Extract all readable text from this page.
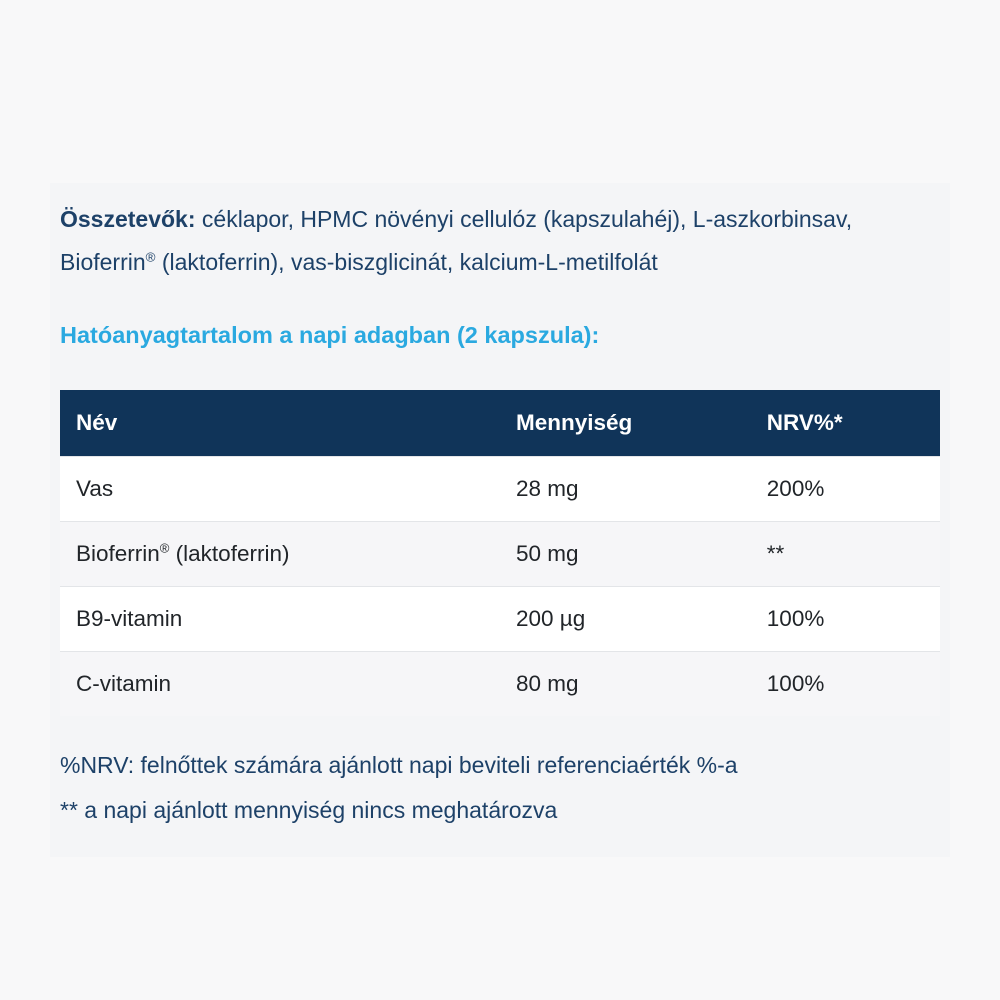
Összetevők: céklapor, HPMC növényi cellulóz (kapszulahéj), L-aszkorbinsav, Bioferrin® (laktoferrin), vas-biszglicinát, kalcium-L-metilfolát

Hatóanyagtartalom a napi adagban (2 kapszula):
Név	Mennyiség	NRV%*
Vas	28 mg	200%
Bioferrin® (laktoferrin)	50 mg	**
B9-vitamin	200 µg	100%
C-vitamin	80 mg	100%

%NRV: felnőttek számára ajánlott napi beviteli referenciaérték %-a

** a napi ajánlott mennyiség nincs meghatározva
